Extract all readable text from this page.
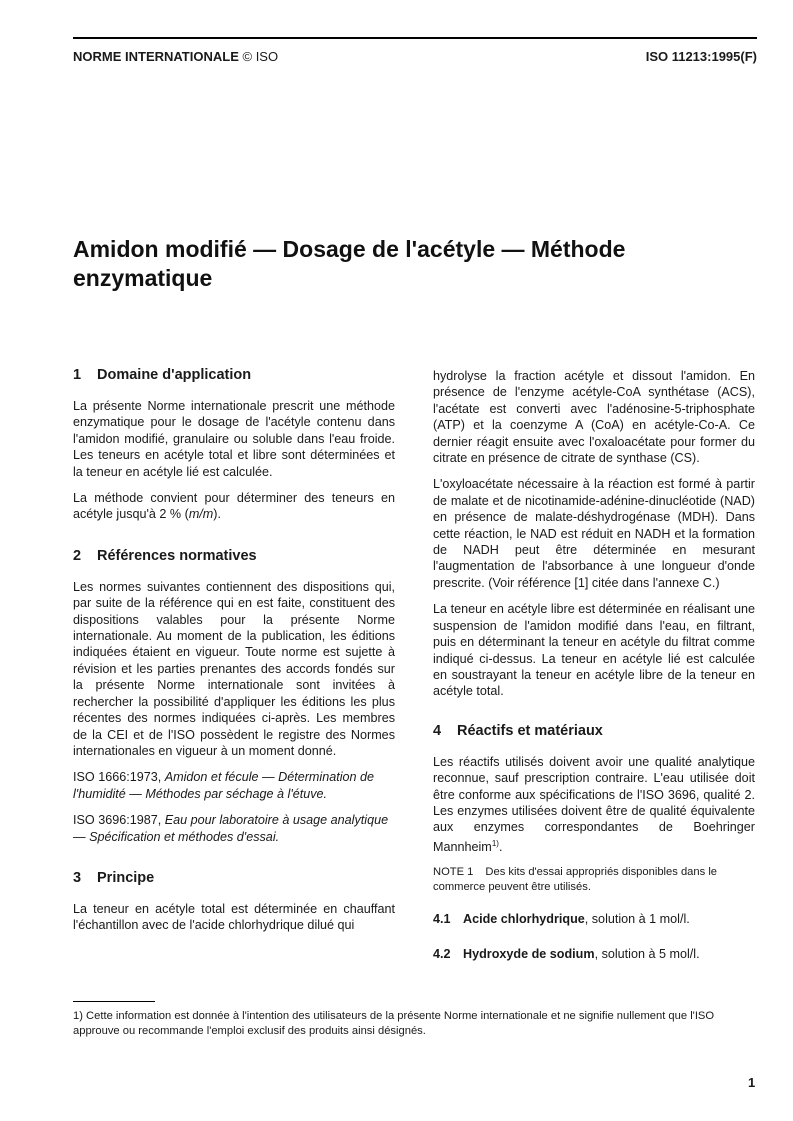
NORME INTERNATIONALE © ISO	ISO 11213:1995(F)
Amidon modifié — Dosage de l'acétyle — Méthode
enzymatique
1 Domaine d'application

La présente Norme internationale prescrit une méthode enzymatique pour le dosage de l'acétyle contenu dans l'amidon modifié, granulaire ou soluble dans l'eau froide. Les teneurs en acétyle total et libre sont déterminées et la teneur en acétyle lié est calculée.

La méthode convient pour déterminer des teneurs en acétyle jusqu'à 2 % (m/m).

2 Références normatives

Les normes suivantes contiennent des dispositions qui, par suite de la référence qui en est faite, constituent des dispositions valables pour la présente Norme internationale. Au moment de la publication, les éditions indiquées étaient en vigueur. Toute norme est sujette à révision et les parties prenantes des accords fondés sur la présente Norme internationale sont invitées à rechercher la possibilité d'appliquer les éditions les plus récentes des normes indiquées ci-après. Les membres de la CEI et de l'ISO possèdent le registre des Normes internationales en vigueur à un moment donné.

ISO 1666:1973, Amidon et fécule — Détermination de l'humidité — Méthodes par séchage à l'étuve.

ISO 3696:1987, Eau pour laboratoire à usage analytique — Spécification et méthodes d'essai.

3 Principe

La teneur en acétyle total est déterminée en chauffant l'échantillon avec de l'acide chlorhydrique dilué qui

hydrolyse la fraction acétyle et dissout l'amidon. En présence de l'enzyme acétyle-CoA synthétase (ACS), l'acétate est converti avec l'adénosine-5-triphosphate (ATP) et la coenzyme A (CoA) en acétyle-Co-A. Ce dernier réagit ensuite avec l'oxaloacétate pour former du citrate en présence de citrate de synthase (CS).

L'oxyloacétate nécessaire à la réaction est formé à partir de malate et de nicotinamide-adénine-dinucléotide (NAD) en présence de malate-déshydrogénase (MDH). Dans cette réaction, le NAD est réduit en NADH et la formation de NADH peut être déterminée en mesurant l'augmentation de l'absorbance à une longueur d'onde prescrite. (Voir référence [1] citée dans l'annexe C.)

La teneur en acétyle libre est déterminée en réalisant une suspension de l'amidon modifié dans l'eau, en filtrant, puis en déterminant la teneur en acétyle du filtrat comme indiqué ci-dessus. La teneur en acétyle lié est calculée en soustrayant la teneur en acétyle libre de la teneur en acétyle total.

4 Réactifs et matériaux

Les réactifs utilisés doivent avoir une qualité analytique reconnue, sauf prescription contraire. L'eau utilisée doit être conforme aux spécifications de l'ISO 3696, qualité 2. Les enzymes utilisées doivent être de qualité équivalente aux enzymes correspondantes de Boehringer Mannheim$^{1)}$.

NOTE 1 Des kits d'essai appropriés disponibles dans le commerce peuvent être utilisés.

4.1 Acide chlorhydrique, solution à 1 mol/l.

4.2 Hydroxyde de sodium, solution à 5 mol/l.

1) Cette information est donnée à l'intention des utilisateurs de la présente Norme internationale et ne signifie nullement que l'ISO approuve ou recommande l'emploi exclusif des produits ainsi désignés.
1
